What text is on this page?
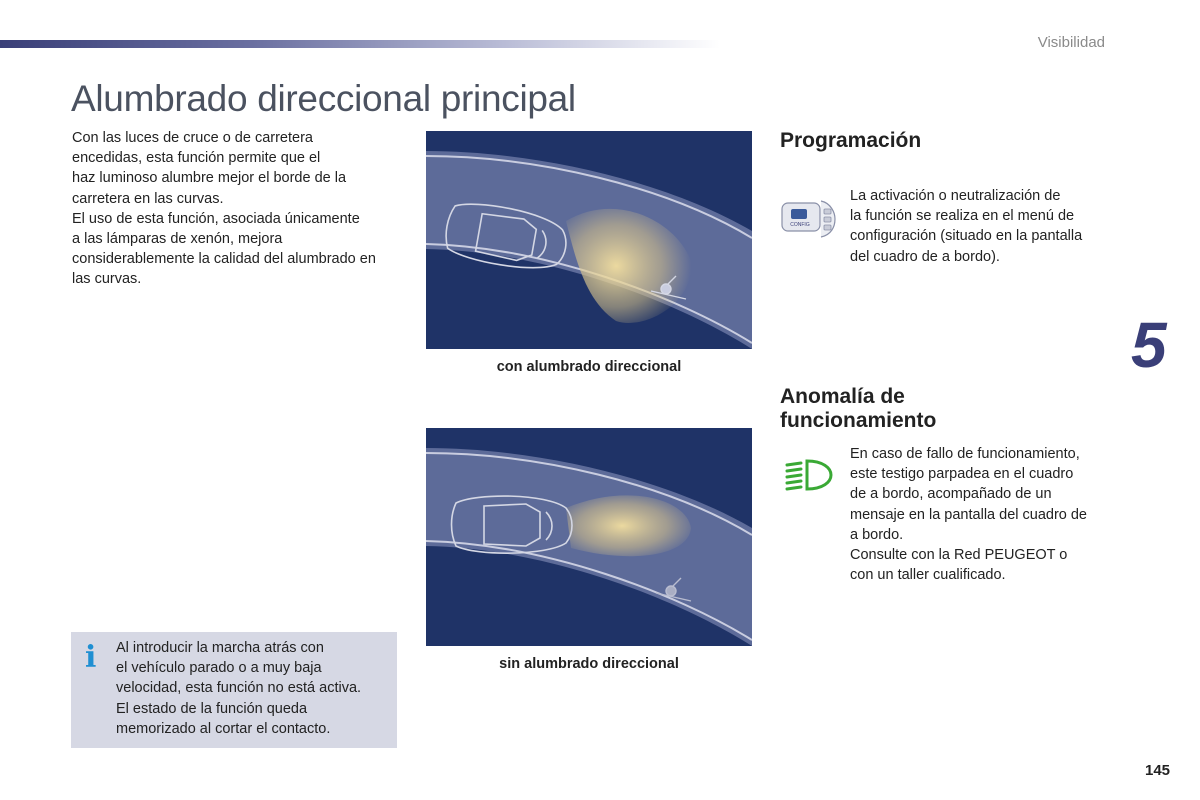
Visibilidad
Alumbrado direccional principal

Con las luces de cruce o de carretera

encedidas, esta función permite que el

haz luminoso alumbre mejor el borde de la

carretera en las curvas.

El uso de esta función, asociada únicamente

a las lámparas de xenón, mejora

considerablemente la calidad del alumbrado en

las curvas.

con alumbrado direccional
sin alumbrado direccional
Programación
CONFIG

La activación o neutralización de

la función se realiza en el menú de

configuración (situado en la pantalla

del cuadro de a bordo).

5
Anomalía de
funcionamiento

En caso de fallo de funcionamiento,

este testigo parpadea en el cuadro

de a bordo, acompañado de un

mensaje en la pantalla del cuadro de

a bordo.

Consulte con la Red PEUGEOT o

con un taller cualificado.

i Al introducir la marcha atrás con
el vehículo parado o a muy baja
velocidad, esta función no está activa.
El estado de la función queda
memorizado al cortar el contacto.
145
